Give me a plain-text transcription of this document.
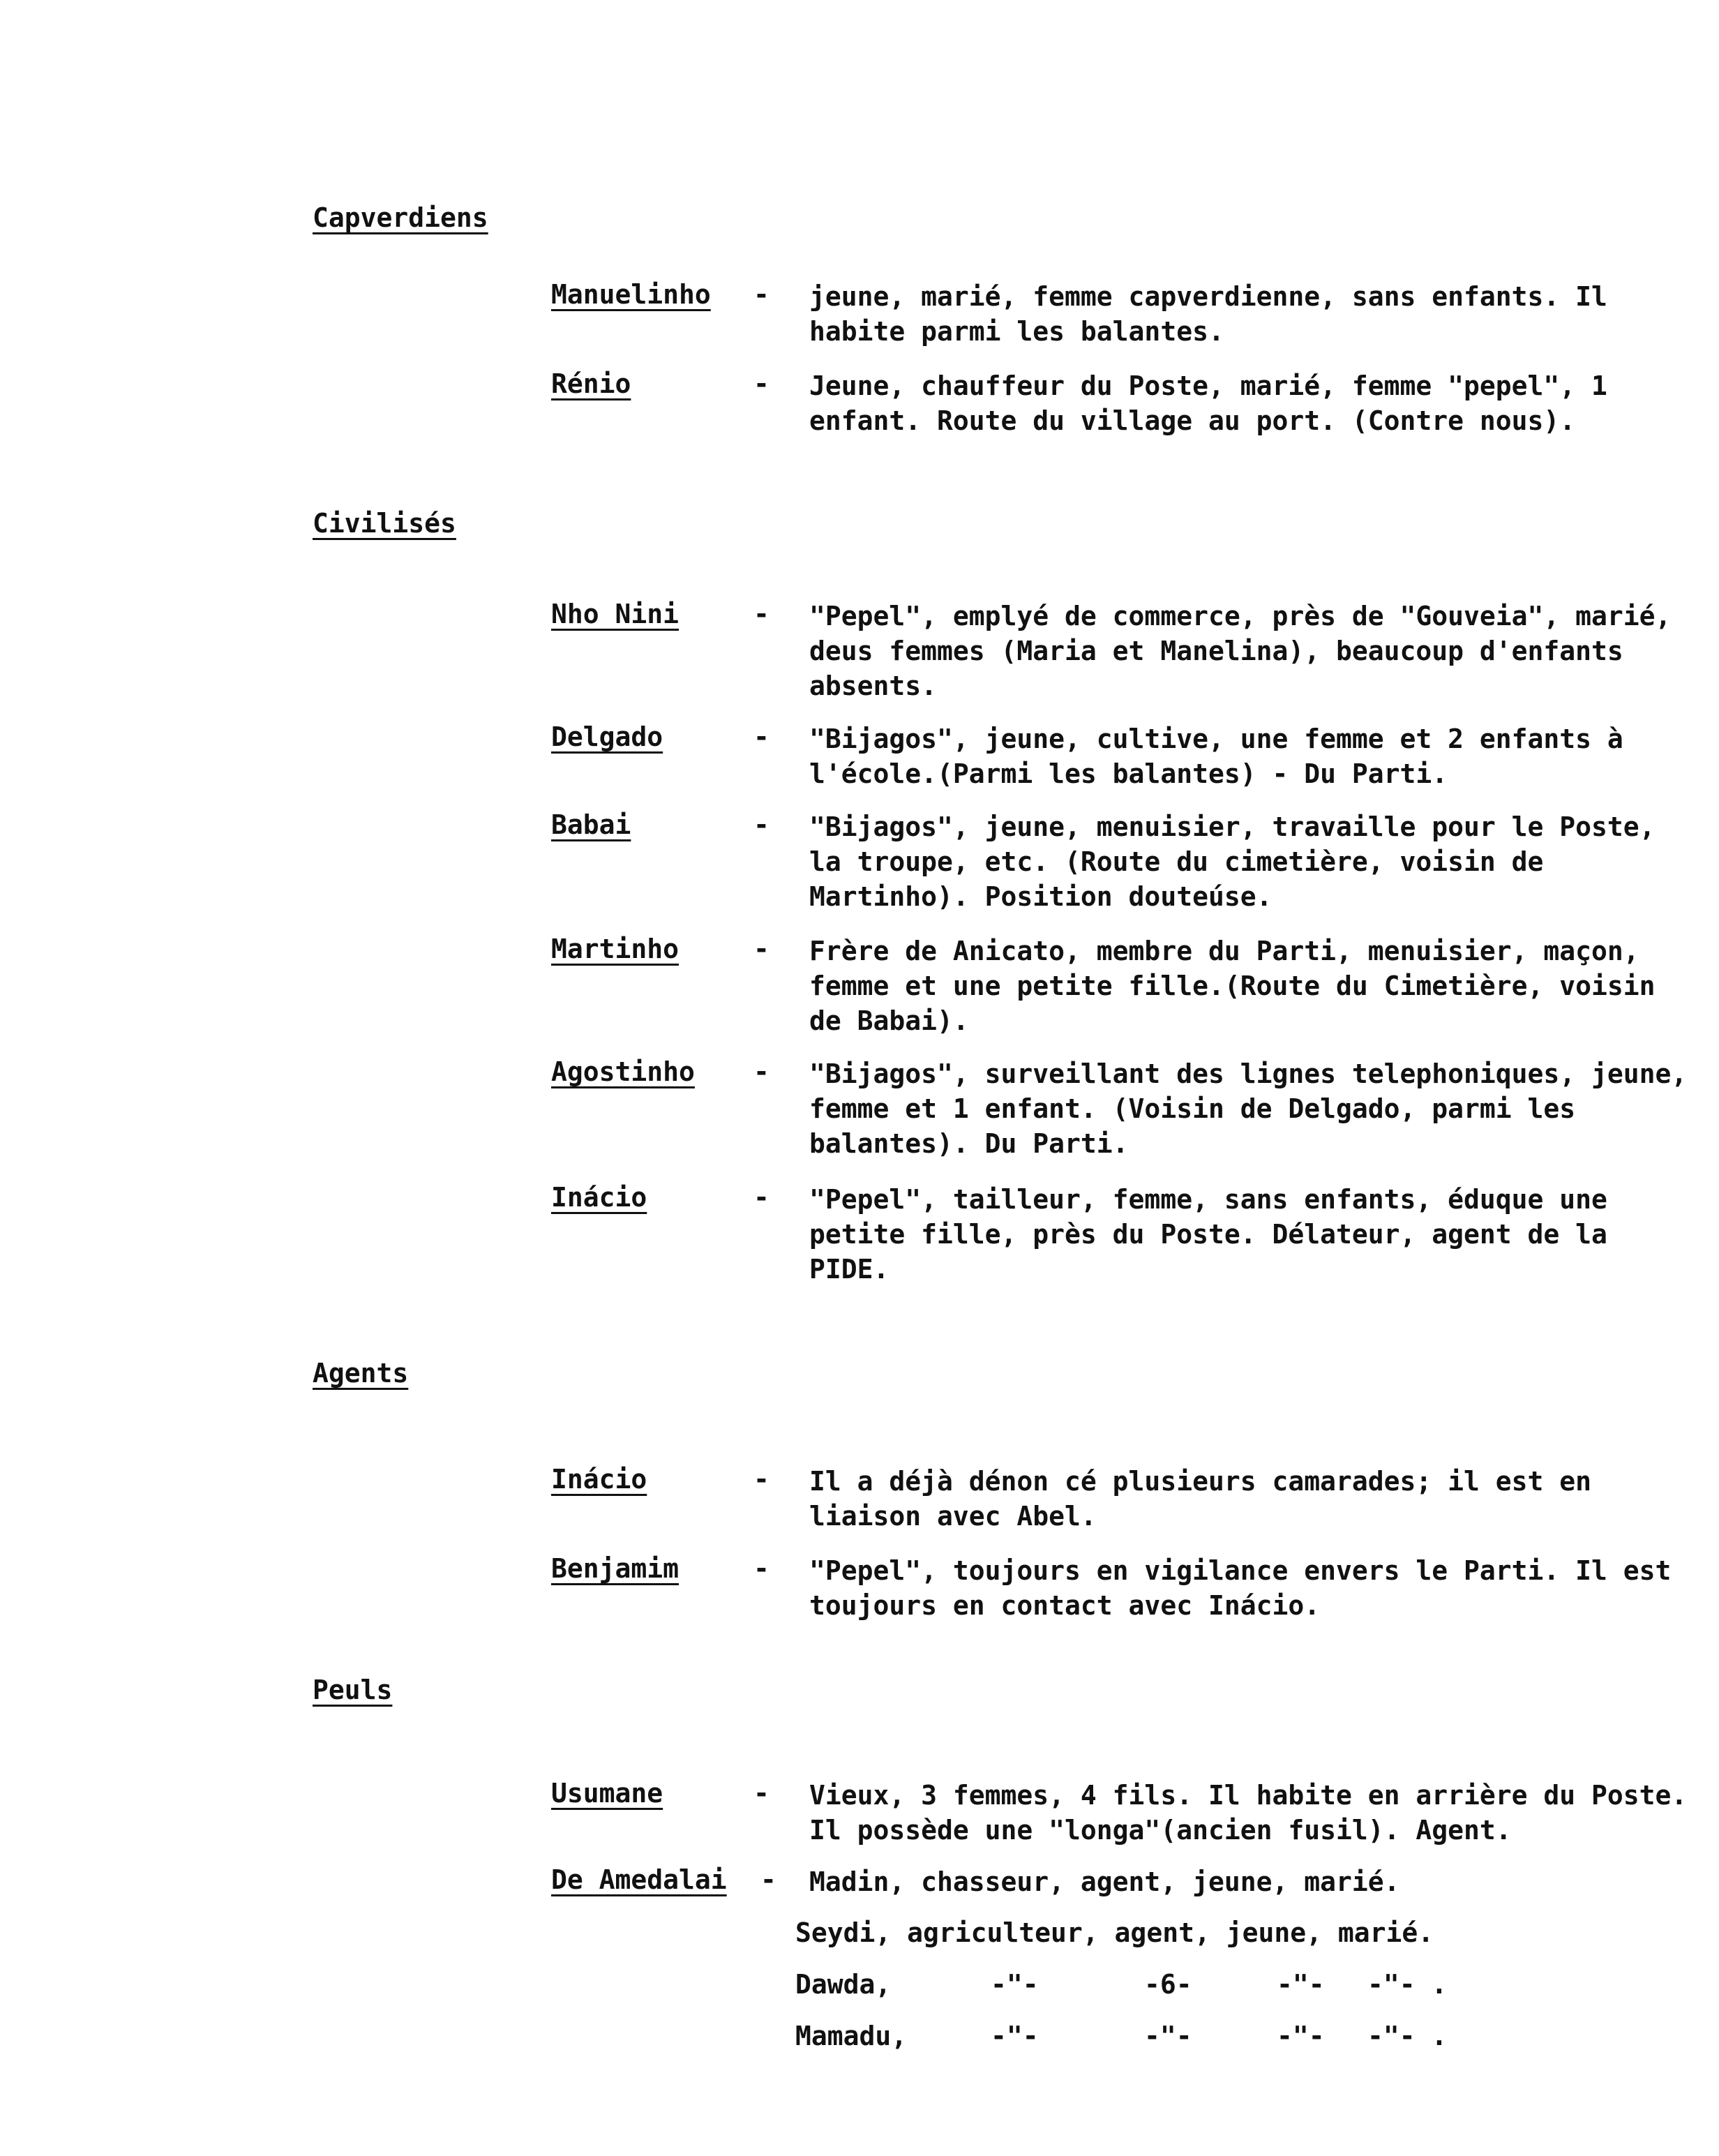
Capverdiens
Manuelinho - jeune, marié, femme capverdienne, sans enfants. Il habite parmi les balantes.
Rénio	- Jeune, chauffeur du Poste, marié, femme "pepel", 1 enfant. Route du village au port. (Contre nous).
Civilisés
Nho Nini	- "Pepel", emplyé de commerce, près de "Gouveia", marié, deus femmes (Maria et Manelina), beaucoup d'enfants absents.
Delgado	- "Bijagos", jeune, cultive, une femme et 2 enfants à l'école.(Parmi les balantes) - Du Parti.
Babai	- "Bijagos", jeune, menuisier, travaille pour le Poste, la troupe, etc. (Route du cimetière, voisin de Martinho). Position douteúse.
Martinho	- Frère de Anicato, membre du Parti, menuisier, maçon, femme et une petite fille.(Route du Cimetière, voisin de Babai).
Agostinho - "Bijagos", surveillant des lignes telephoniques, jeune, femme et 1 enfant. (Voisin de Delgado, parmi les balantes). Du Parti.
Inácio	- "Pepel", tailleur, femme, sans enfants, éduque une petite fille, près du Poste. Délateur, agent de la PIDE.
Agents
Inácio	- Il a déjà dénon cé plusieurs camarades; il est en liaison avec Abel.
Benjamim	- "Pepel", toujours en vigilance envers le Parti. Il est toujours en contact avec Inácio.
Peuls
Usumane	- Vieux, 3 femmes, 4 fils. Il habite en arrière du Poste. Il possède une "longa"(ancien fusil). Agent.
De Amedalai - Madin, chasseur, agent, jeune, marié.
Seydi, agriculteur, agent, jeune, marié.
Dawda,	-"-	-6-	-"- -"- .
Mamadu,	-"-	-"-	-"- -"- .
